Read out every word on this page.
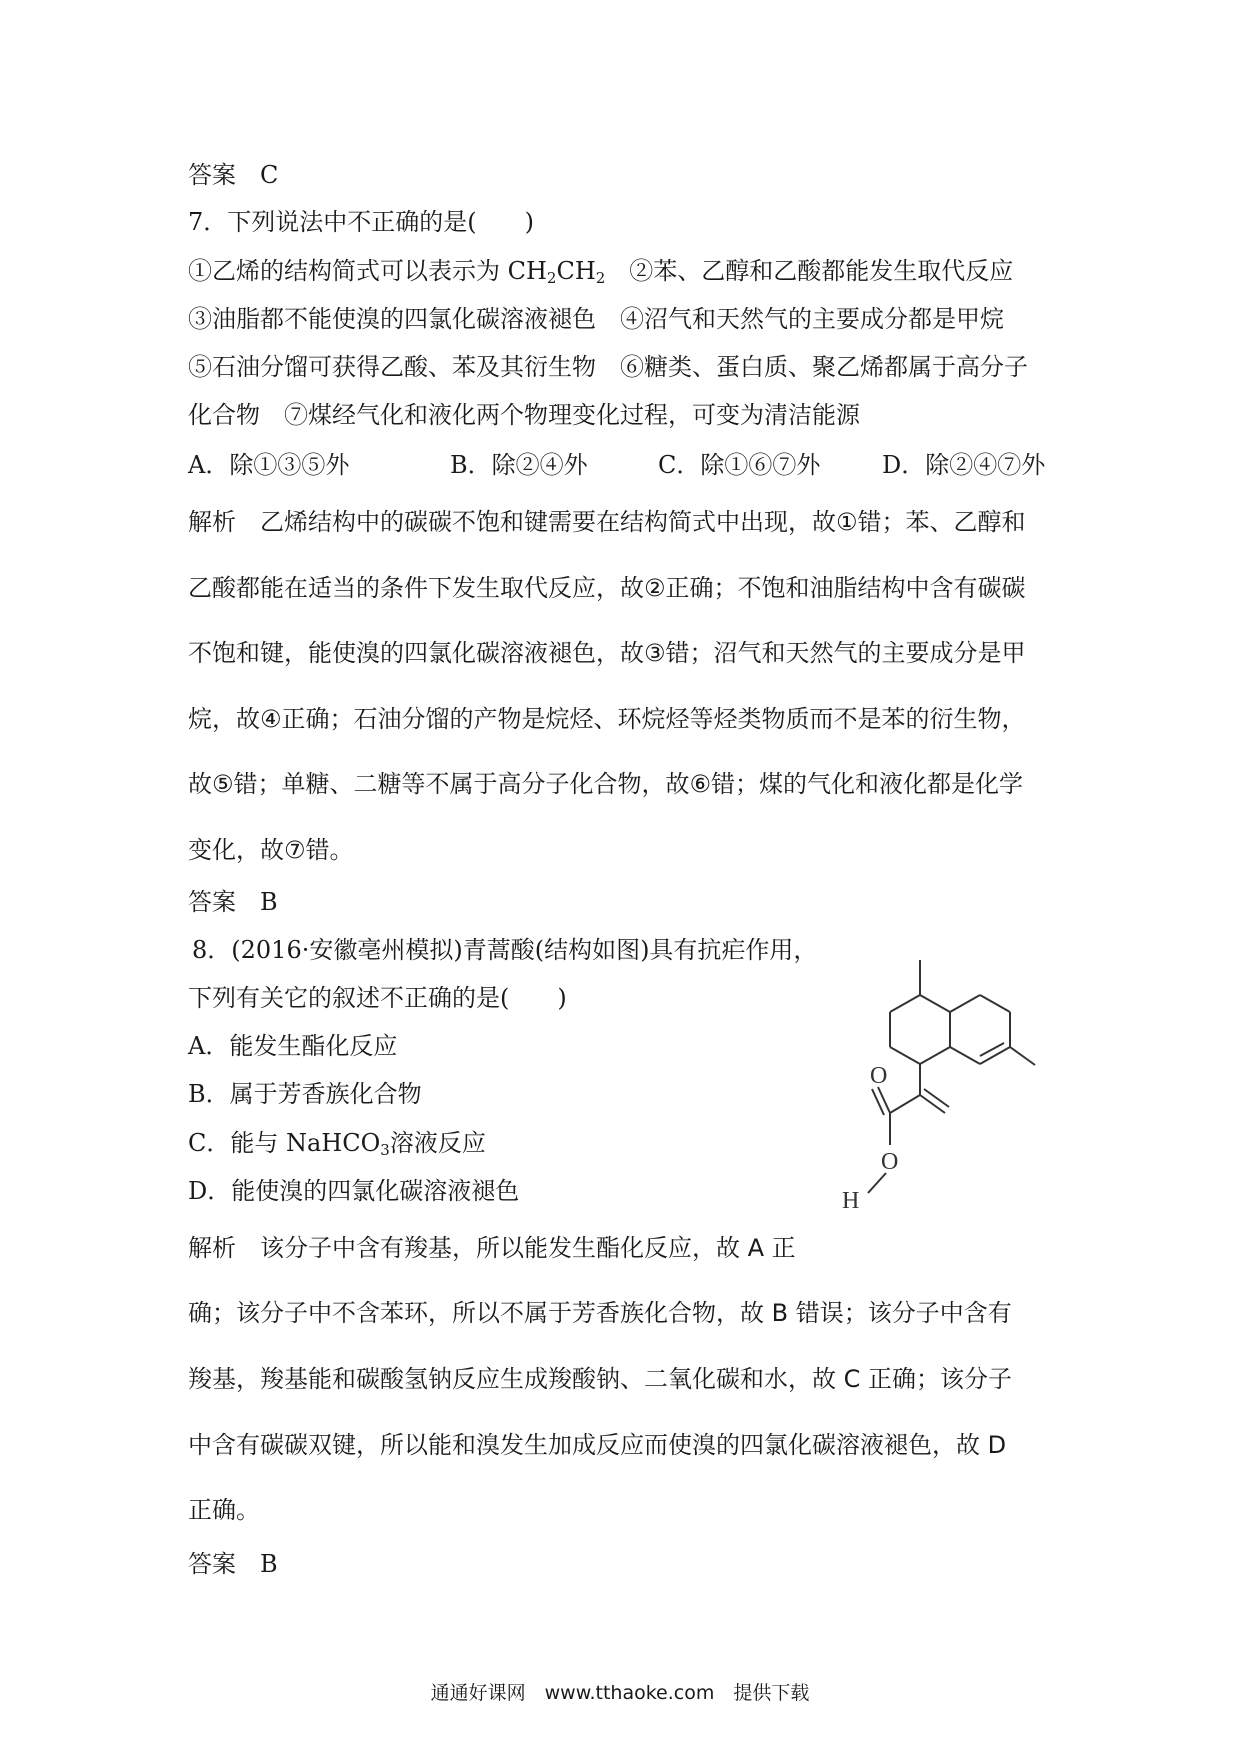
答案　C
7．下列说法中不正确的是(　　)
①乙烯的结构简式可以表示为 $CH_2CH_2$　②苯、乙醇和乙酸都能发生取代反应
③油脂都不能使溴的四氯化碳溶液褪色　④沼气和天然气的主要成分都是甲烷
⑤石油分馏可获得乙酸、苯及其衍生物　⑥糖类、蛋白质、聚乙烯都属于高分子
化合物　⑦煤经气化和液化两个物理变化过程，可变为清洁能源
A．除①③⑤外	B．除②④外	C．除①⑥⑦外	D．除②④⑦外
解析　乙烯结构中的碳碳不饱和键需要在结构简式中出现，故①错；苯、乙醇和
乙酸都能在适当的条件下发生取代反应，故②正确；不饱和油脂结构中含有碳碳
不饱和键，能使溴的四氯化碳溶液褪色，故③错；沼气和天然气的主要成分是甲
烷，故④正确；石油分馏的产物是烷烃、环烷烃等烃类物质而不是苯的衍生物，
故⑤错；单糖、二糖等不属于高分子化合物，故⑥错；煤的气化和液化都是化学
变化，故⑦错。
答案　B
8．(2016·安徽亳州模拟)青蒿酸(结构如图)具有抗疟作用，
下列有关它的叙述不正确的是(　　)
A．能发生酯化反应
B．属于芳香族化合物
C．能与 NaHCO$_3$溶液反应
D．能使溴的四氯化碳溶液褪色
O
O
H
解析　该分子中含有羧基，所以能发生酯化反应，故 A 正
确；该分子中不含苯环，所以不属于芳香族化合物，故 B 错误；该分子中含有
羧基，羧基能和碳酸氢钠反应生成羧酸钠、二氧化碳和水，故 C 正确；该分子
中含有碳碳双键，所以能和溴发生加成反应而使溴的四氯化碳溶液褪色，故 D
正确。
答案　B
通通好课网　www.tthaoke.com　提供下载
